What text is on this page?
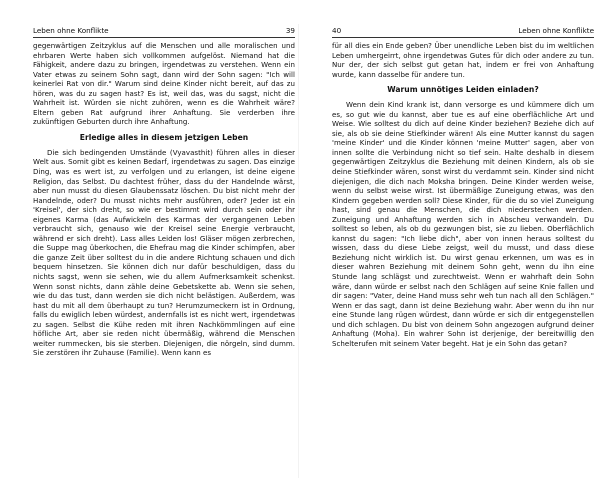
Leben ohne Konflikte	39

gegenwärtigen Zeitzyklus auf die Menschen und alle moralischen und ehrbaren Werte haben sich vollkommen aufgelöst. Niemand hat die Fähigkeit, andere dazu zu bringen, irgendetwas zu verstehen. Wenn ein Vater etwas zu seinem Sohn sagt, dann wird der Sohn sagen: "Ich will keinerlei Rat von dir." Warum sind deine Kinder nicht bereit, auf das zu hören, was du zu sagen hast? Es ist, weil das, was du sagst, nicht die Wahrheit ist. Würden sie nicht zuhören, wenn es die Wahrheit wäre? Eltern geben Rat aufgrund ihrer Anhaftung. Sie verderben ihre zukünftigen Geburten durch ihre Anhaftung.

Erledige alles in diesem jetzigen Leben

Die sich bedingenden Umstände (Vyavasthit) führen alles in dieser Welt aus. Somit gibt es keinen Bedarf, irgendetwas zu sagen. Das einzige Ding, was es wert ist, zu verfolgen und zu erlangen, ist deine eigene Religion, das Selbst. Du dachtest früher, dass du der Handelnde wärst, aber nun musst du diesen Glaubenssatz löschen. Du bist nicht mehr der Handelnde, oder? Du musst nichts mehr ausführen, oder? Jeder ist ein 'Kreisel', der sich dreht, so wie er bestimmt wird durch sein oder ihr eigenes Karma (das Aufwickeln des Karmas der vergangenen Leben verbraucht sich, genauso wie der Kreisel seine Energie verbraucht, während er sich dreht). Lass alles Leiden los! Gläser mögen zerbrechen, die Suppe mag überkochen, die Ehefrau mag die Kinder schimpfen, aber die ganze Zeit über solltest du in die andere Richtung schauen und dich bequem hinsetzen. Sie können dich nur dafür beschuldigen, dass du nichts sagst, wenn sie sehen, wie du allem Aufmerksamkeit schenkst. Wenn sonst nichts, dann zähle deine Gebetskette ab. Wenn sie sehen, wie du das tust, dann werden sie dich nicht belästigen. Außerdem, was hast du mit all dem überhaupt zu tun? Herumzumeckern ist in Ordnung, falls du ewiglich leben würdest, andernfalls ist es nicht wert, irgendetwas zu sagen. Selbst die Kühe reden mit ihren Nachkömmlingen auf eine höfliche Art, aber sie reden nicht übermäßig, während die Menschen weiter rummecken, bis sie sterben. Diejenigen, die nörgeln, sind dumm. Sie zerstören ihr Zuhause (Familie). Wenn kann es

40	Leben ohne Konflikte

für all dies ein Ende geben? Über unendliche Leben bist du im weltlichen Leben umhergeirrt, ohne irgendetwas Gutes für dich oder andere zu tun. Nur der, der sich selbst gut getan hat, indem er frei von Anhaftung wurde, kann dasselbe für andere tun.

Warum unnötiges Leiden einladen?

Wenn dein Kind krank ist, dann versorge es und kümmere dich um es, so gut wie du kannst, aber tue es auf eine oberflächliche Art und Weise. Wie solltest du dich auf deine Kinder beziehen? Beziehe dich auf sie, als ob sie deine Stiefkinder wären! Als eine Mutter kannst du sagen 'meine Kinder' und die Kinder können 'meine Mutter' sagen, aber von innen sollte die Verbindung nicht so tief sein. Halte deshalb in diesem gegenwärtigen Zeitzyklus die Beziehung mit deinen Kindern, als ob sie deine Stiefkinder wären, sonst wirst du verdammt sein. Kinder sind nicht diejenigen, die dich nach Moksha bringen. Deine Kinder werden weise, wenn du selbst weise wirst. Ist übermäßige Zuneigung etwas, was den Kindern gegeben werden soll? Diese Kinder, für die du so viel Zuneigung hast, sind genau die Menschen, die dich niederstechen werden. Zuneigung und Anhaftung werden sich in Abscheu verwandeln. Du solltest so leben, als ob du gezwungen bist, sie zu lieben. Oberflächlich kannst du sagen: "Ich liebe dich", aber von innen heraus solltest du wissen, dass du diese Liebe zeigst, weil du musst, und dass diese Beziehung nicht wirklich ist. Du wirst genau erkennen, um was es in dieser wahren Beziehung mit deinem Sohn geht, wenn du ihn eine Stunde lang schlägst und zurechtweist. Wenn er wahrhaft dein Sohn wäre, dann würde er selbst nach den Schlägen auf seine Knie fallen und dir sagen: "Vater, deine Hand muss sehr weh tun nach all den Schlägen." Wenn er das sagt, dann ist deine Beziehung wahr. Aber wenn du ihn nur eine Stunde lang rügen würdest, dann würde er sich dir entgegenstellen und dich schlagen. Du bist von deinem Sohn angezogen aufgrund deiner Anhaftung (Moha). Ein wahrer Sohn ist derjenige, der bereitwillig den Schelterufen mit seinem Vater begeht. Hat je ein Sohn das getan?
